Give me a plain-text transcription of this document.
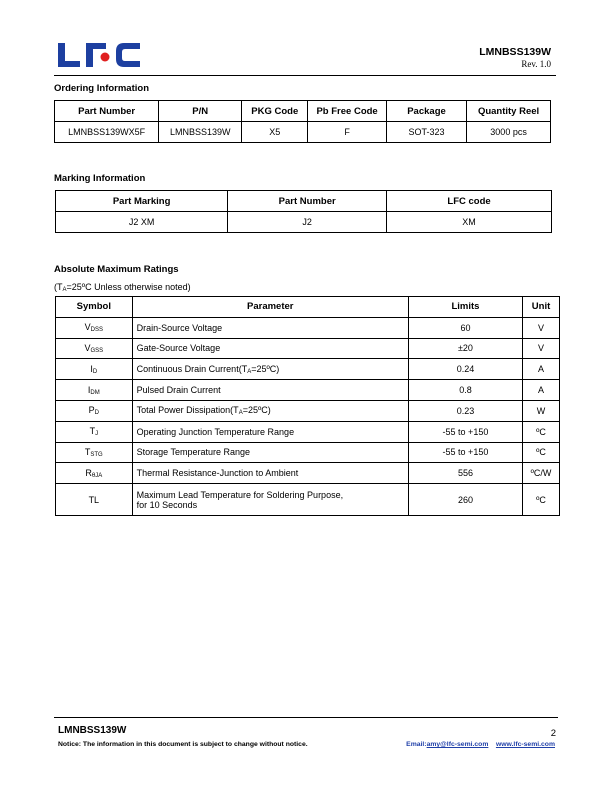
LMNBSS139W
Rev. 1.0
Ordering Information
Part Number	P/N	PKG Code	Pb Free Code	Package	Quantity Reel
LMNBSS139WX5F	LMNBSS139W	X5	F	SOT-323	3000 pcs
Marking Information
Part Marking	Part Number	LFC code
J2 XM	J2	XM
Absolute Maximum Ratings
($T_A=25ºC$ Unless otherwise noted)
Symbol	Parameter	Limits	Unit
$V_{DSS}$	Drain-Source Voltage	60	V
$V_{GSS}$	Gate-Source Voltage	±20	V
$I_D$	Continuous Drain $Current(T_A=25ºC)$	0.24	A
$I_{DM}$	Pulsed Drain Current	0.8	A
$P_D$	Total Power $Dissipation(T_A=25ºC)$	0.23	W
$T_J$	Operating Junction Temperature Range	-55 to +150	ºC
$T_{STG}$	Storage Temperature Range	-55 to +150	ºC
$R_{\theta JA}$	Thermal Resistance-Junction to Ambient	556	ºC/W
TL	Maximum Lead Temperature for Soldering Purpose,
for 10 Seconds	260	ºC
LMNBSS139W	2
Notice: The information in this document is subject to change without notice.	Email:amy@lfc-semi.com www.lfc-semi.com
